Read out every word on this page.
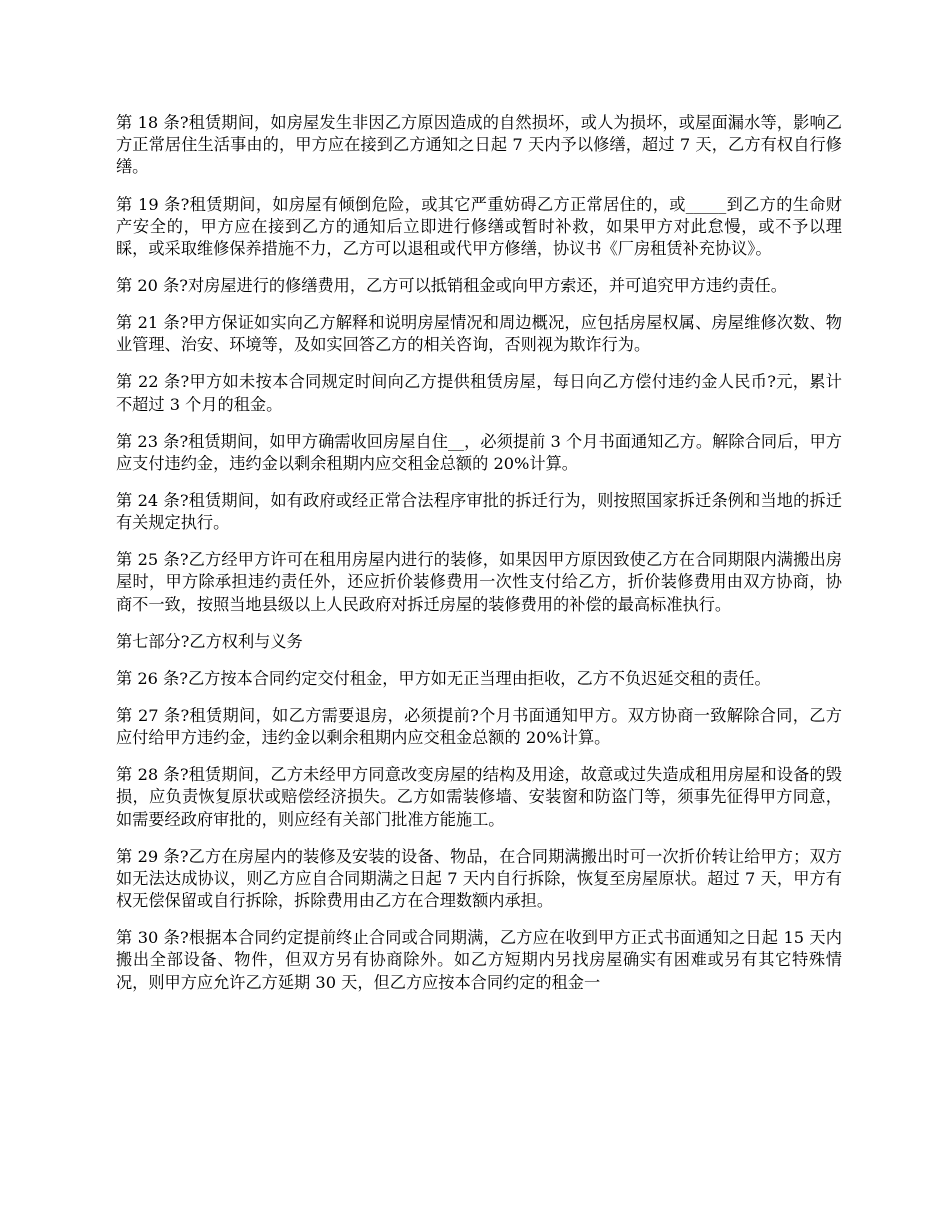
第 18 条?租赁期间，如房屋发生非因乙方原因造成的自然损坏，或人为损坏，或屋面漏水等，影响乙方正常居住生活事由的，甲方应在接到乙方通知之日起 7 天内予以修缮，超过 7 天，乙方有权自行修缮。

第 19 条?租赁期间，如房屋有倾倒危险，或其它严重妨碍乙方正常居住的，或_____到乙方的生命财产安全的，甲方应在接到乙方的通知后立即进行修缮或暂时补救，如果甲方对此怠慢，或不予以理睬，或采取维修保养措施不力，乙方可以退租或代甲方修缮，协议书《厂房租赁补充协议》。

第 20 条?对房屋进行的修缮费用，乙方可以抵销租金或向甲方索还，并可追究甲方违约责任。

第 21 条?甲方保证如实向乙方解释和说明房屋情况和周边概况，应包括房屋权属、房屋维修次数、物业管理、治安、环境等，及如实回答乙方的相关咨询，否则视为欺诈行为。

第 22 条?甲方如未按本合同规定时间向乙方提供租赁房屋，每日向乙方偿付违约金人民币?元，累计不超过 3 个月的租金。

第 23 条?租赁期间，如甲方确需收回房屋自住__，必须提前 3 个月书面通知乙方。解除合同后，甲方应支付违约金，违约金以剩余租期内应交租金总额的 20%计算。

第 24 条?租赁期间，如有政府或经正常合法程序审批的拆迁行为，则按照国家拆迁条例和当地的拆迁有关规定执行。

第 25 条?乙方经甲方许可在租用房屋内进行的装修，如果因甲方原因致使乙方在合同期限内满搬出房屋时，甲方除承担违约责任外，还应折价装修费用一次性支付给乙方，折价装修费用由双方协商，协商不一致，按照当地县级以上人民政府对拆迁房屋的装修费用的补偿的最高标准执行。

第七部分?乙方权利与义务

第 26 条?乙方按本合同约定交付租金，甲方如无正当理由拒收，乙方不负迟延交租的责任。

第 27 条?租赁期间，如乙方需要退房，必须提前?个月书面通知甲方。双方协商一致解除合同，乙方应付给甲方违约金，违约金以剩余租期内应交租金总额的 20%计算。

第 28 条?租赁期间，乙方未经甲方同意改变房屋的结构及用途，故意或过失造成租用房屋和设备的毁损，应负责恢复原状或赔偿经济损失。乙方如需装修墙、安装窗和防盗门等，须事先征得甲方同意，如需要经政府审批的，则应经有关部门批准方能施工。

第 29 条?乙方在房屋内的装修及安装的设备、物品，在合同期满搬出时可一次折价转让给甲方；双方如无法达成协议，则乙方应自合同期满之日起 7 天内自行拆除，恢复至房屋原状。超过 7 天，甲方有权无偿保留或自行拆除，拆除费用由乙方在合理数额内承担。

第 30 条?根据本合同约定提前终止合同或合同期满，乙方应在收到甲方正式书面通知之日起 15 天内搬出全部设备、物件，但双方另有协商除外。如乙方短期内另找房屋确实有困难或另有其它特殊情况，则甲方应允许乙方延期 30 天，但乙方应按本合同约定的租金一
